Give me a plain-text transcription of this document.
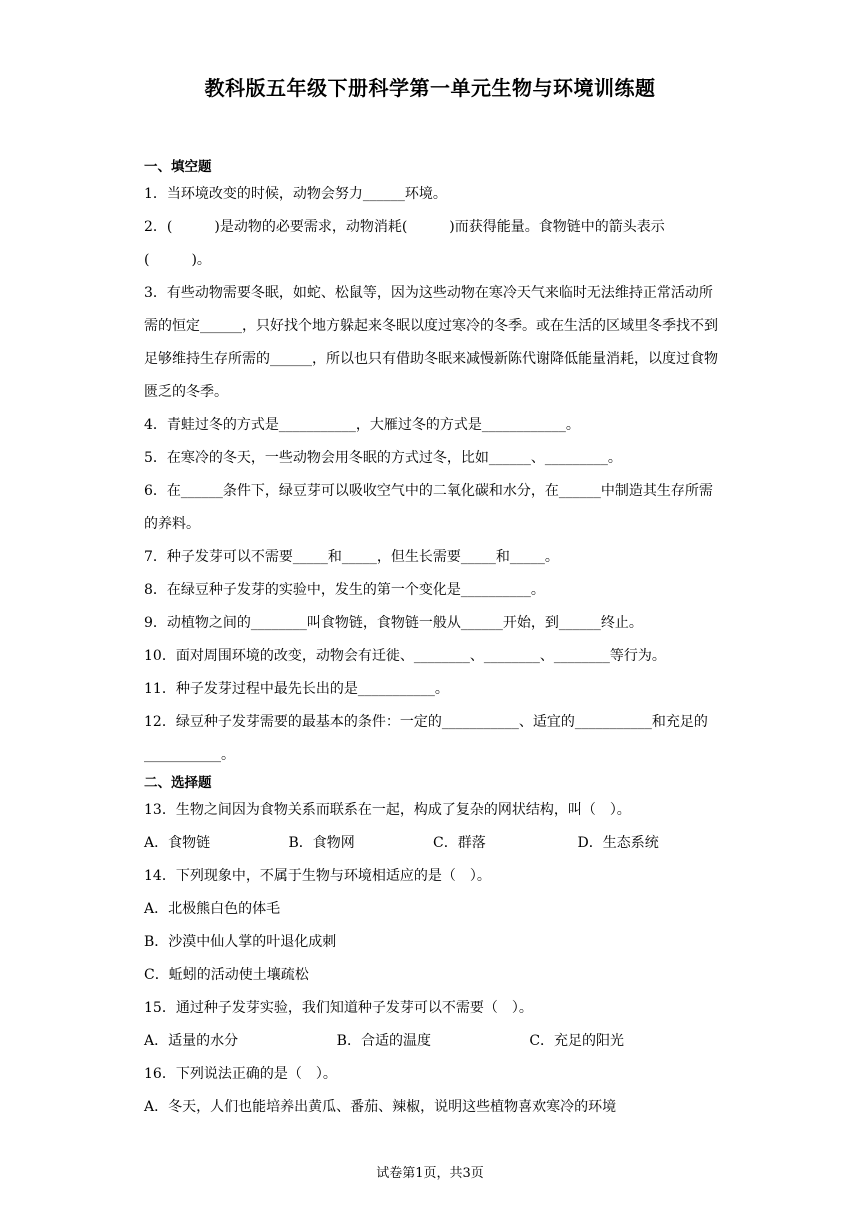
教科版五年级下册科学第一单元生物与环境训练题

一、填空题

1．当环境改变的时候，动物会努力______环境。

2．(　　　)是动物的必要需求，动物消耗(　　　)而获得能量。食物链中的箭头表示(　　　)。

3．有些动物需要冬眠，如蛇、松鼠等，因为这些动物在寒冷天气来临时无法维持正常活动所需的恒定______，只好找个地方躲起来冬眠以度过寒冷的冬季。或在生活的区域里冬季找不到足够维持生存所需的______，所以也只有借助冬眠来减慢新陈代谢降低能量消耗，以度过食物匮乏的冬季。

4．青蛙过冬的方式是___________，大雁过冬的方式是____________。

5．在寒冷的冬天，一些动物会用冬眠的方式过冬，比如______、_________。

6．在______条件下，绿豆芽可以吸收空气中的二氧化碳和水分，在______中制造其生存所需的养料。

7．种子发芽可以不需要_____和_____，但生长需要_____和_____。

8．在绿豆种子发芽的实验中，发生的第一个变化是__________。

9．动植物之间的________叫食物链，食物链一般从______开始，到______终止。

10．面对周围环境的改变，动物会有迁徙、________、________、________等行为。

11．种子发芽过程中最先长出的是___________。

12．绿豆种子发芽需要的最基本的条件：一定的___________、适宜的___________和充足的___________。

二、选择题

13．生物之间因为食物关系而联系在一起，构成了复杂的网状结构，叫（　）。

A．食物链	B．食物网	C．群落	D．生态系统

14．下列现象中，不属于生物与环境相适应的是（　）。

A．北极熊白色的体毛

B．沙漠中仙人掌的叶退化成刺

C．蚯蚓的活动使土壤疏松

15．通过种子发芽实验，我们知道种子发芽可以不需要（　）。

A．适量的水分	B．合适的温度	C．充足的阳光

16．下列说法正确的是（　）。

A．冬天，人们也能培养出黄瓜、番茄、辣椒，说明这些植物喜欢寒冷的环境

试卷第1页，共3页
